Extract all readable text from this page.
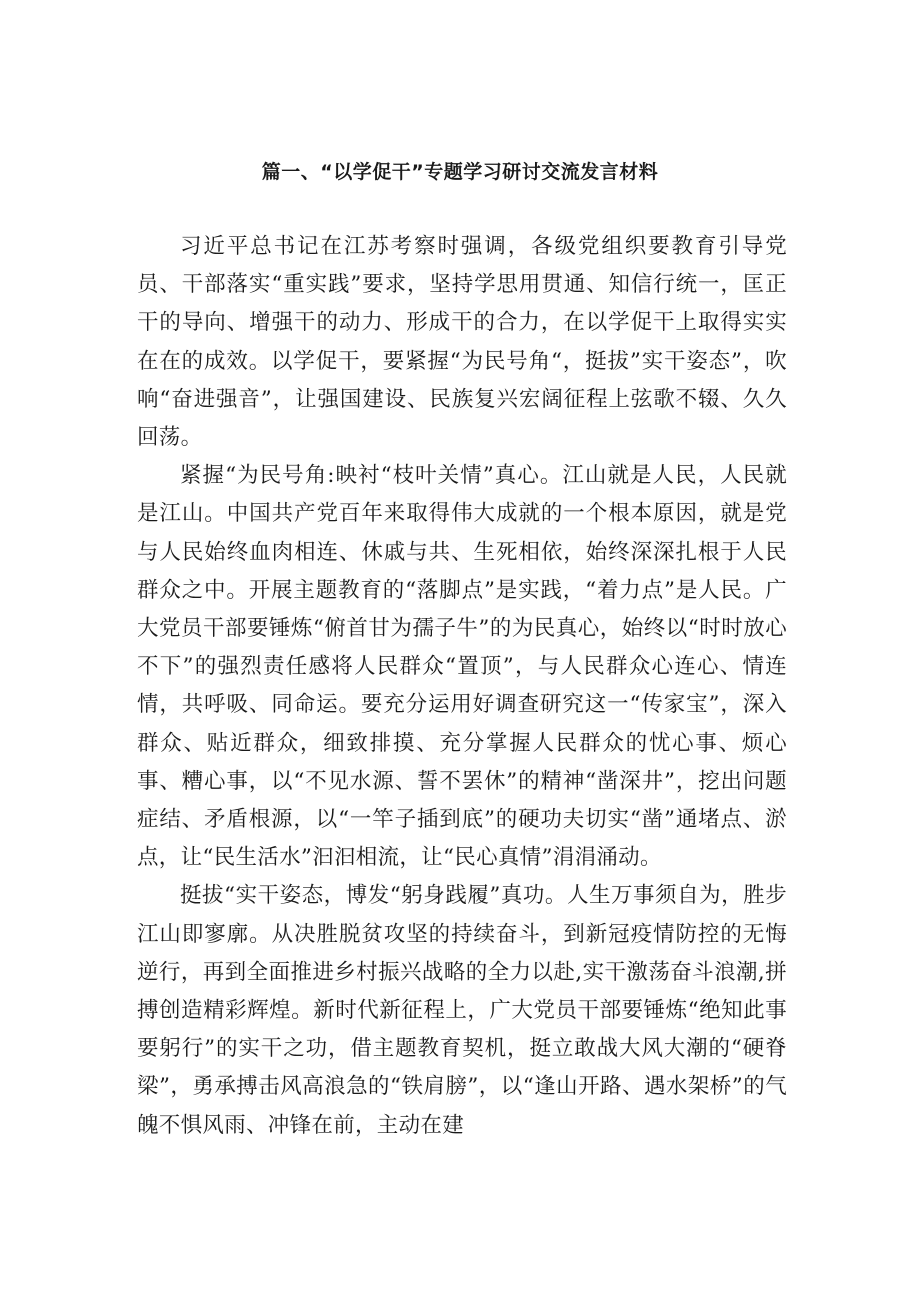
篇一、“以学促干”专题学习研讨交流发言材料

习近平总书记在江苏考察时强调，各级党组织要教育引导党员、干部落实“重实践”要求，坚持学思用贯通、知信行统一，匡正干的导向、增强干的动力、形成干的合力，在以学促干上取得实实在在的成效。以学促干，要紧握“为民号角“，挺拔”实干姿态”，吹响“奋进强音”，让强国建设、民族复兴宏阔征程上弦歌不辍、久久回荡。

紧握“为民号角:映衬“枝叶关情”真心。江山就是人民，人民就是江山。中国共产党百年来取得伟大成就的一个根本原因，就是党与人民始终血肉相连、休戚与共、生死相依，始终深深扎根于人民群众之中。开展主题教育的“落脚点”是实践，“着力点”是人民。广大党员干部要锤炼“俯首甘为孺子牛”的为民真心，始终以“时时放心不下”的强烈责任感将人民群众“置顶”，与人民群众心连心、情连情，共呼吸、同命运。要充分运用好调查研究这一“传家宝”，深入群众、贴近群众，细致排摸、充分掌握人民群众的忧心事、烦心事、糟心事，以“不见水源、誓不罢休”的精神“凿深井”，挖出问题症结、矛盾根源，以“一竿子插到底”的硬功夫切实“凿”通堵点、淤点，让“民生活水”汩汩相流，让“民心真情”涓涓涌动。

挺拔“实干姿态，博发“躬身践履”真功。人生万事须自为，胜步江山即寥廓。从决胜脱贫攻坚的持续奋斗，到新冠疫情防控的无悔逆行，再到全面推进乡村振兴战略的全力以赴,实干激荡奋斗浪潮,拼搏创造精彩辉煌。新时代新征程上，广大党员干部要锤炼“绝知此事要躬行”的实干之功，借主题教育契机，挺立敢战大风大潮的“硬脊梁”，勇承搏击风高浪急的“铁肩膀”，以“逢山开路、遇水架桥”的气魄不惧风雨、冲锋在前，主动在建
